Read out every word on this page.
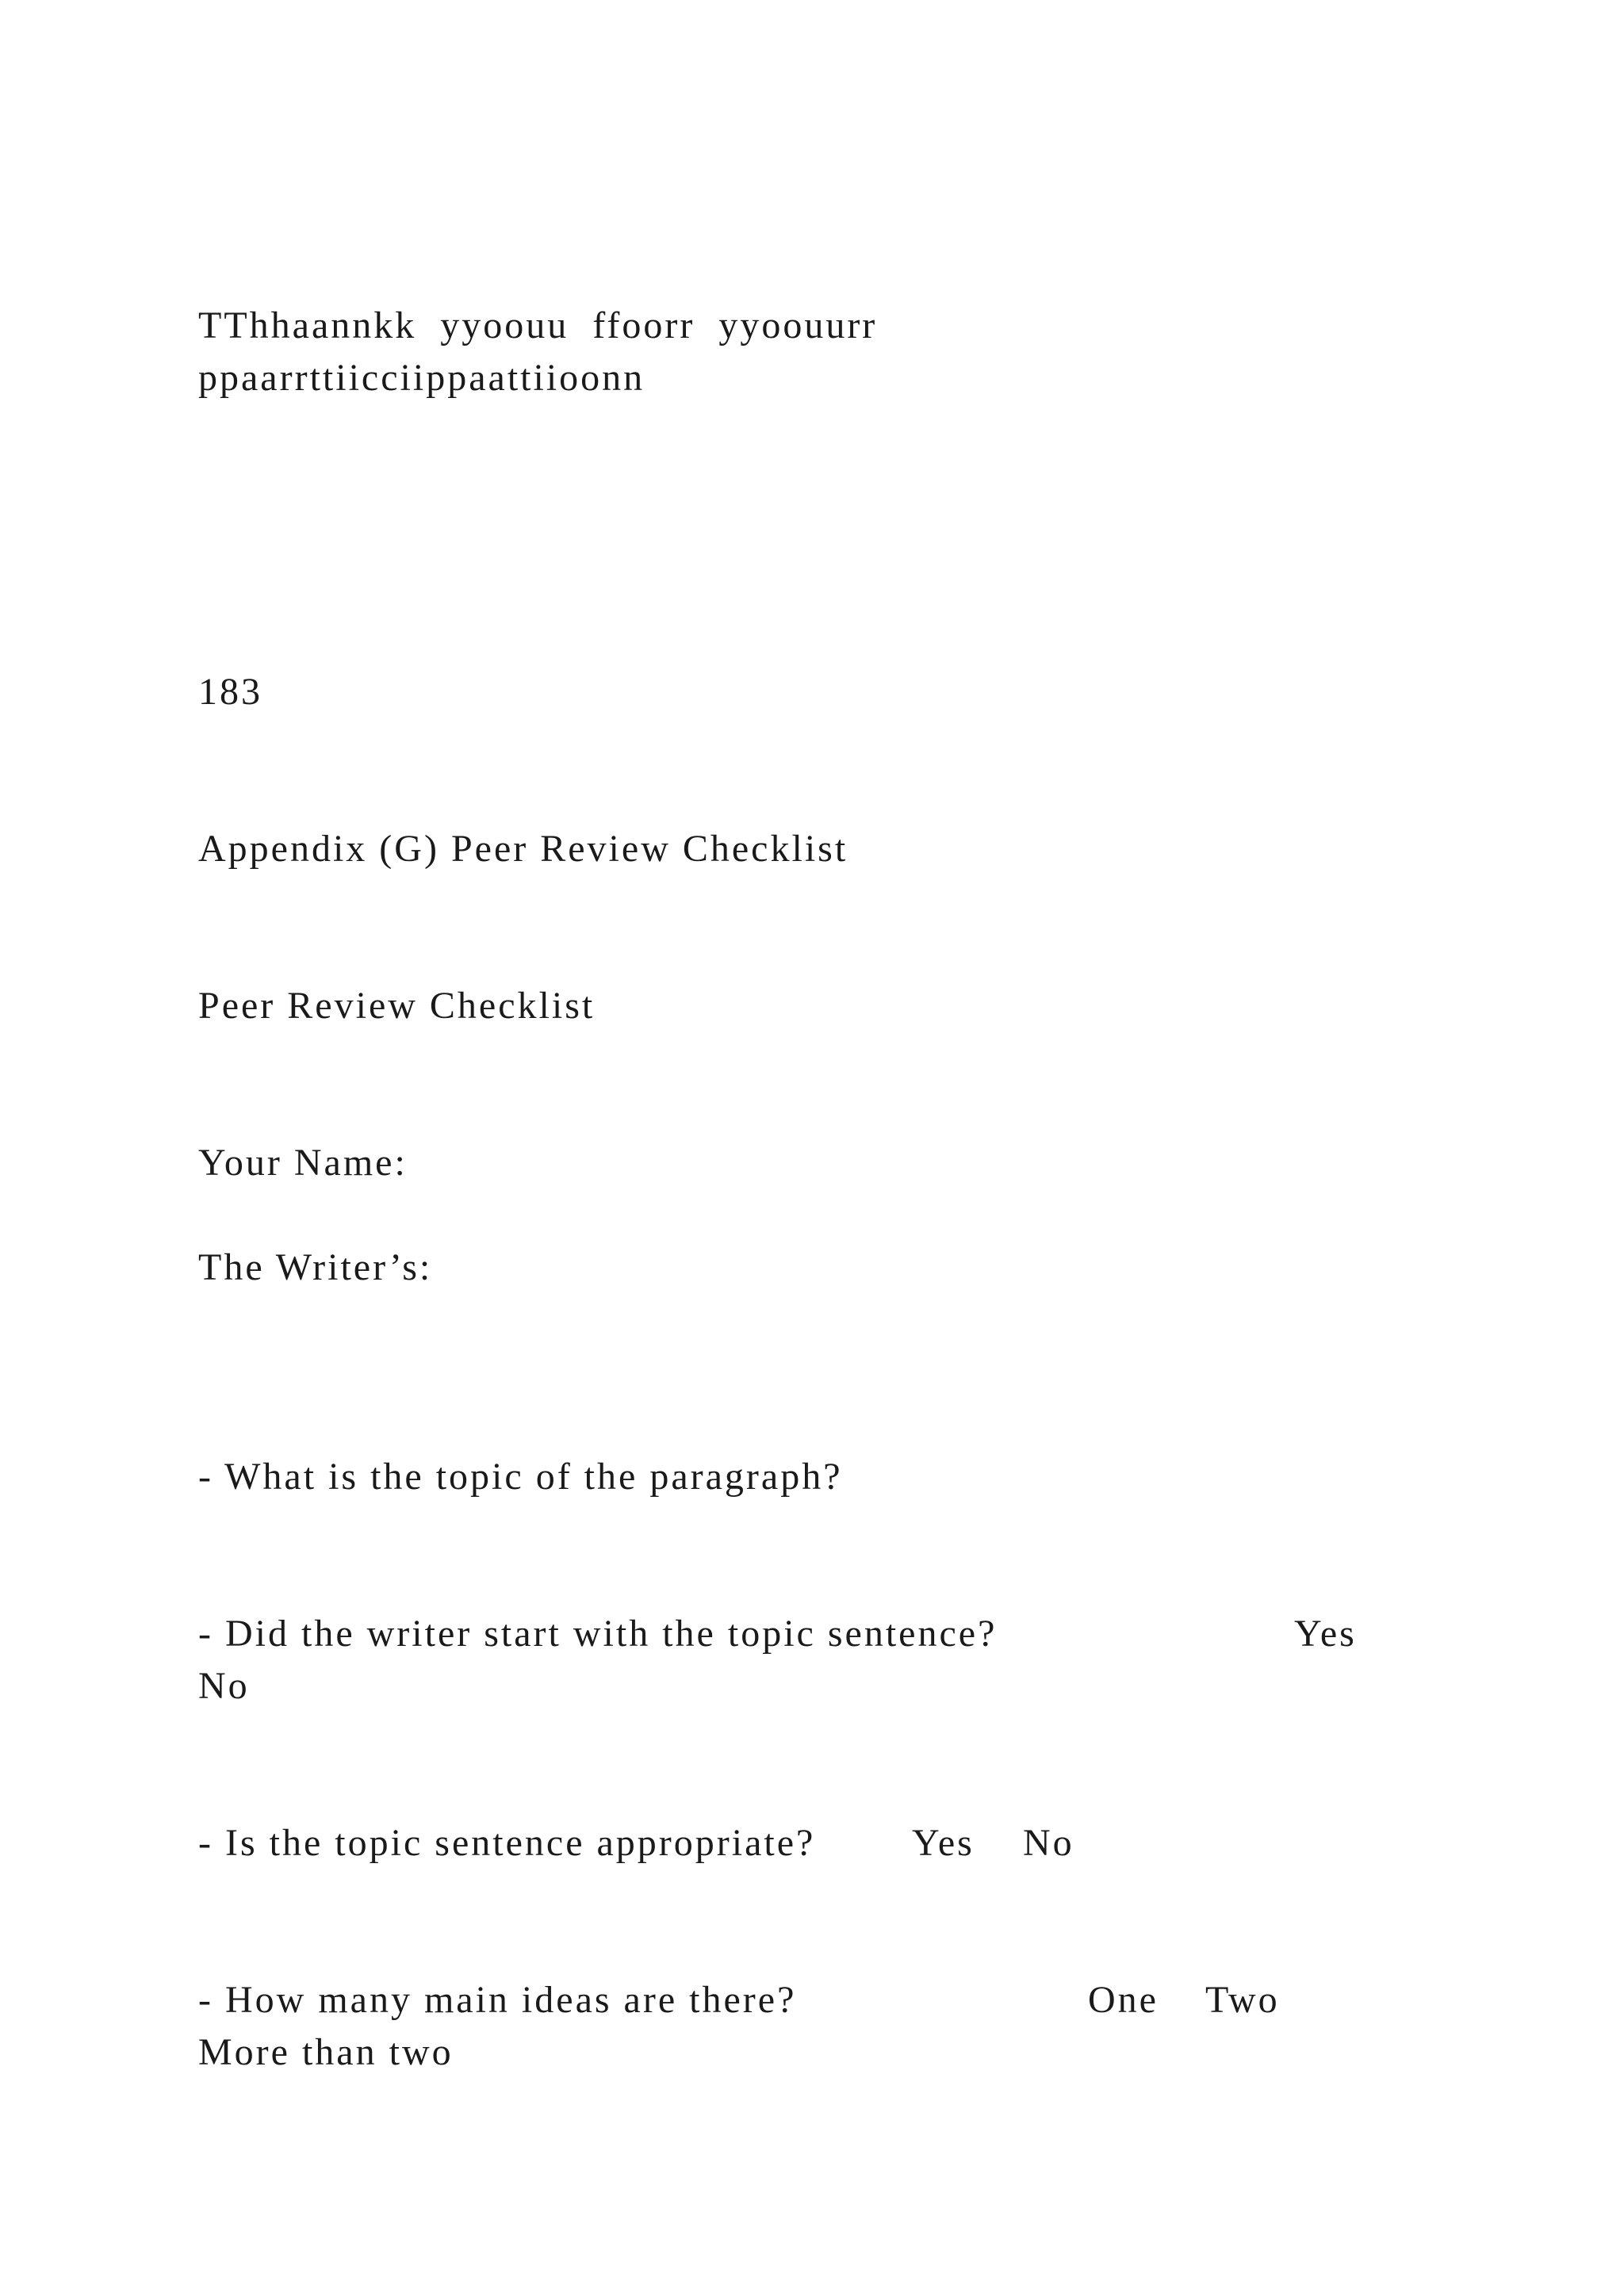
TThhaannkk  yyoouu  ffoorr  yyoouurr
ppaarrttiicciippaattiioonn
183
Appendix (G) Peer Review Checklist
Peer Review Checklist
Your Name:
The Writer’s:
- What is the topic of the paragraph?
- Did the writer start with the topic sentence?	Yes
No
- Is the topic sentence appropriate?	Yes No
- How many main ideas are there?	One Two
More than two
